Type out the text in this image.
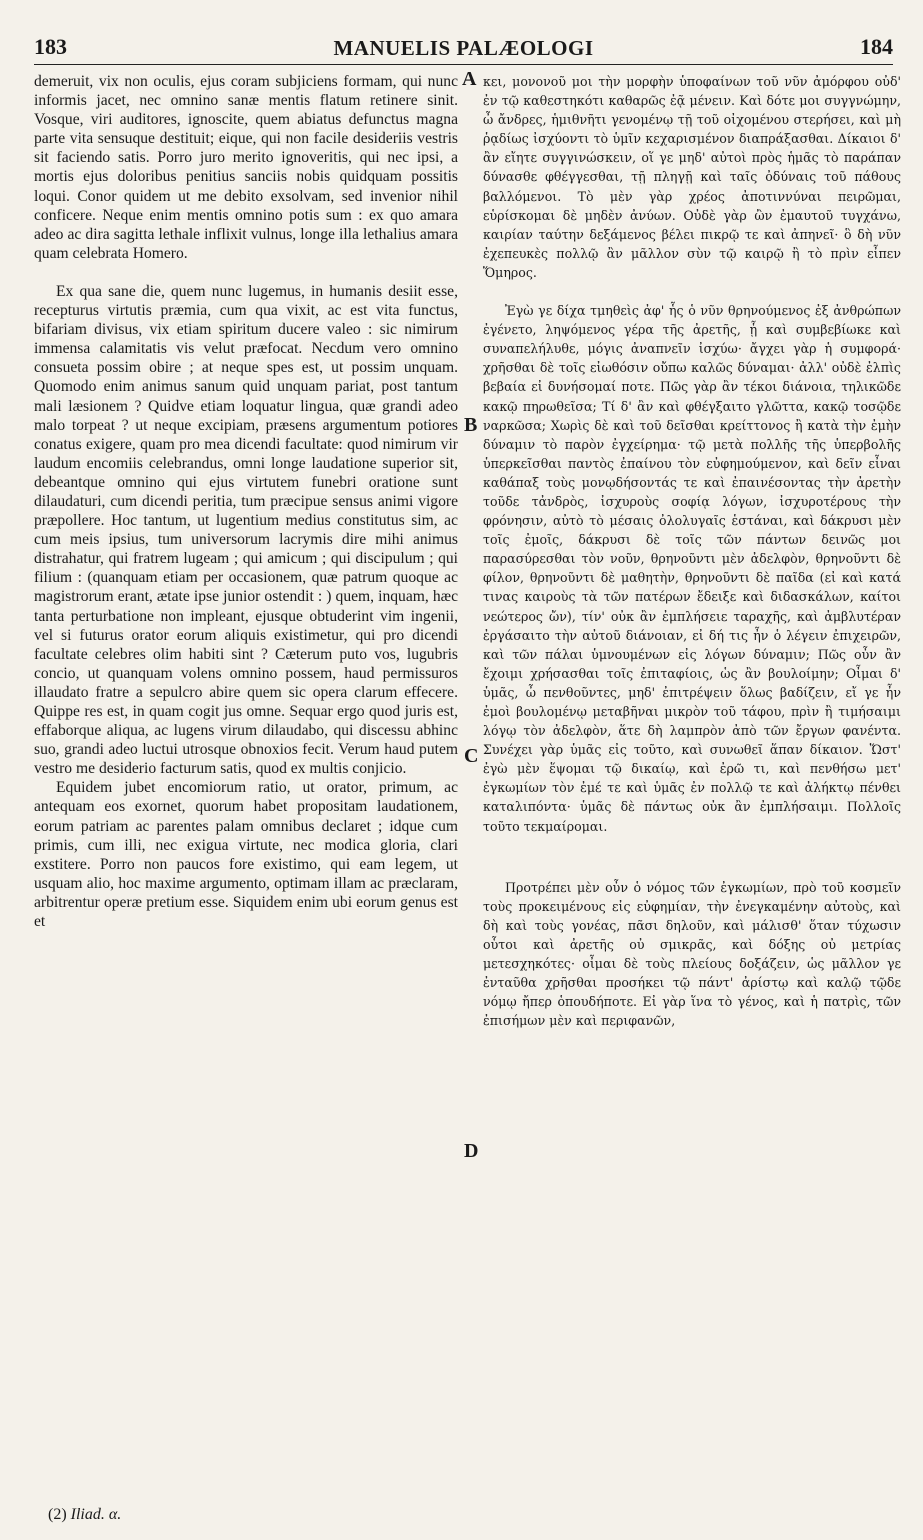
183	MANUELIS PALÆOLOGI	184

demeruit, vix non oculis, ejus coram subjiciens formam, qui nunc informis jacet, nec omnino sanæ mentis flatum retinere sinit. Vosque, viri auditores, ignoscite, quem abiatus defunctus magna parte vita sensuque destituit; eique, qui non facile desideriis vestris sit faciendo satis. Porro juro merito ignoveritis, qui nec ipsi, a mortis ejus doloribus penitius sanciis nobis quidquam possitis loqui. Conor quidem ut me debito exsolvam, sed invenior nihil conficere. Neque enim mentis omnino potis sum : ex quo amara adeo ac dira sagitta lethale inflixit vulnus, longe illa lethalius amara quam celebrata Homero.

Ex qua sane die, quem nunc lugemus, in humanis desiit esse, recepturus virtutis præmia, cum qua vixit, ac est vita functus, bifariam divisus, vix etiam spiritum ducere valeo : sic nimirum immensa calamitatis vis velut præfocat. Necdum vero omnino consueta possim obire ; at neque spes est, ut possim unquam. Quomodo enim animus sanum quid unquam pariat, post tantum mali læsionem ? Quidve etiam loquatur lingua, quæ grandi adeo malo torpeat ? ut neque excipiam, præsens argumentum potiores conatus exigere, quam pro mea dicendi facultate: quod nimirum vir laudum encomiis celebrandus, omni longe laudatione superior sit, debeantque omnino qui ejus virtutem funebri oratione sunt dilaudaturi, cum dicendi peritia, tum præcipue sensus animi vigore præpollere. Hoc tantum, ut lugentium medius constitutus sim, ac cum meis ipsius, tum universorum lacrymis dire mihi animus distrahatur, qui fratrem lugeam ; qui amicum ; qui discipulum ; qui filium : (quanquam etiam per occasionem, quæ patrum quoque ac magistrorum erant, ætate ipse junior ostendit : ) quem, inquam, hæc tanta perturbatione non impleant, ejusque obtuderint vim ingenii, vel si futurus orator eorum aliquis existimetur, qui pro dicendi facultate celebres olim habiti sint ? Cæterum puto vos, lugubris concio, ut quanquam volens omnino possem, haud permissuros illaudato fratre a sepulcro abire quem sic opera clarum effecere. Quippe res est, in quam cogit jus omne. Sequar ergo quod juris est, effaborque aliqua, ac lugens virum dilaudabo, qui discessu abhinc suo, grandi adeo luctui utrosque obnoxios fecit. Verum haud putem vestro me desiderio facturum satis, quod ex multis conjicio.

Equidem jubet encomiorum ratio, ut orator, primum, ac antequam eos exornet, quorum habet propositam laudationem, eorum patriam ac parentes palam omnibus declaret ; idque cum primis, cum illi, nec exigua virtute, nec modica gloria, clari exstitere. Porro non paucos fore existimo, qui eam legem, ut usquam alio, hoc maxime argumento, optimam illam ac præclaram, arbitrentur operæ pretium esse. Siquidem enim ubi eorum genus est et

κει, μονονοῦ μοι τὴν μορφὴν ὑποφαίνων τοῦ νῦν ἀμόρφου οὐδ' ἐν τῷ καθεστηκότι καθαρῶς ἐᾷ μένειν. Καὶ δότε μοι συγγνώμην, ὦ ἄνδρες, ἡμιθνῆτι γενομένῳ τῇ τοῦ οἰχομένου στερήσει, καὶ μὴ ῥᾳδίως ἰσχύοντι τὸ ὑμῖν κεχαρισμένον διαπράξασθαι. Δίκαιοι δ' ἂν εἴητε συγγινώσκειν, οἵ γε μηδ' αὐτοὶ πρὸς ἡμᾶς τὸ παράπαν δύνασθε φθέγγεσθαι, τῇ πληγῇ καὶ ταῖς ὀδύναις τοῦ πάθους βαλλόμενοι. Τὸ μὲν γὰρ χρέος ἀποτιννύναι πειρῶμαι, εὑρίσκομαι δὲ μηδὲν ἀνύων. Οὐδὲ γὰρ ὢν ἐμαυτοῦ τυγχάνω, καιρίαν ταύτην δεξάμενος βέλει πικρῷ τε καὶ ἀπηνεῖ· ὃ δὴ νῦν ἐχεπευκὲς πολλῷ ἂν μᾶλλον σὺν τῷ καιρῷ ἢ τὸ πρὶν εἶπεν Ὅμηρος.

Ἐγὼ γε δίχα τμηθεὶς ἀφ' ἧς ὁ νῦν θρηνούμενος ἐξ ἀνθρώπων ἐγένετο, ληψόμενος γέρα τῆς ἀρετῆς, ᾗ καὶ συμβεβίωκε καὶ συναπελήλυθε, μόγις ἀναπνεῖν ἰσχύω· ἄγχει γὰρ ἡ συμφορά· χρῆσθαι δὲ τοῖς εἰωθόσιν οὔπω καλῶς δύναμαι· ἀλλ' οὐδὲ ἐλπὶς βεβαία εἰ δυνήσομαί ποτε. Πῶς γὰρ ἂν τέκοι διάνοια, τηλικῶδε κακῷ πηρωθεῖσα; Τί δ' ἂν καὶ φθέγξαιτο γλῶττα, κακῷ τοσῷδε ναρκῶσα; Χωρὶς δὲ καὶ τοῦ δεῖσθαι κρείττονος ἢ κατὰ τὴν ἐμὴν δύναμιν τὸ παρὸν ἐγχείρημα· τῷ μετὰ πολλῆς τῆς ὑπερβολῆς ὑπερκεῖσθαι παντὸς ἐπαίνου τὸν εὐφημούμενον, καὶ δεῖν εἶναι καθάπαξ τοὺς μονῳδήσοντάς τε καὶ ἐπαινέσοντας τὴν ἀρετὴν τοῦδε τἀνδρὸς, ἰσχυροὺς σοφίᾳ λόγων, ἰσχυροτέρους τὴν φρόνησιν, αὐτὸ τὸ μέσαις ὀλολυγαῖς ἑστάναι, καὶ δάκρυσι μὲν τοῖς ἐμοῖς, δάκρυσι δὲ τοῖς τῶν πάντων δεινῶς μοι παρασύρεσθαι τὸν νοῦν, θρηνοῦντι μὲν ἀδελφὸν, θρηνοῦντι δὲ φίλον, θρηνοῦντι δὲ μαθητὴν, θρηνοῦντι δὲ παῖδα (εἰ καὶ κατά τινας καιροὺς τὰ τῶν πατέρων ἔδειξε καὶ διδασκάλων, καίτοι νεώτερος ὤν), τίν' οὐκ ἂν ἐμπλήσειε ταραχῆς, καὶ ἀμβλυτέραν ἐργάσαιτο τὴν αὐτοῦ διάνοιαν, εἰ δή τις ἦν ὁ λέγειν ἐπιχειρῶν, καὶ τῶν πάλαι ὑμνουμένων εἰς λόγων δύναμιν; Πῶς οὖν ἂν ἔχοιμι χρήσασθαι τοῖς ἐπιταφίοις, ὡς ἂν βουλοίμην; Οἶμαι δ' ὑμᾶς, ὦ πενθοῦντες, μηδ' ἐπιτρέψειν ὅλως βαδίζειν, εἴ γε ἦν ἐμοὶ βουλομένῳ μεταβῆναι μικρὸν τοῦ τάφου, πρὶν ἢ τιμήσαιμι λόγῳ τὸν ἀδελφὸν, ἅτε δὴ λαμπρὸν ἀπὸ τῶν ἔργων φανέντα. Συνέχει γὰρ ὑμᾶς εἰς τοῦτο, καὶ συνωθεῖ ἅπαν δίκαιον. Ὥστ' ἐγὼ μὲν ἕψομαι τῷ δικαίῳ, καὶ ἐρῶ τι, καὶ πενθήσω μετ' ἐγκωμίων τὸν ἐμέ τε καὶ ὑμᾶς ἐν πολλῷ τε καὶ ἀλήκτῳ πένθει καταλιπόντα· ὑμᾶς δὲ πάντως οὐκ ἂν ἐμπλήσαιμι. Πολλοῖς τοῦτο τεκμαίρομαι.

Προτρέπει μὲν οὖν ὁ νόμος τῶν ἐγκωμίων, πρὸ τοῦ κοσμεῖν τοὺς προκειμένους εἰς εὐφημίαν, τὴν ἐνεγκαμένην αὐτοὺς, καὶ δὴ καὶ τοὺς γονέας, πᾶσι δηλοῦν, καὶ μάλισθ' ὅταν τύχωσιν οὗτοι καὶ ἀρετῆς οὐ σμικρᾶς, καὶ δόξης οὐ μετρίας μετεσχηκότες· οἶμαι δὲ τοὺς πλείους δοξάζειν, ὡς μᾶλλον γε ἐνταῦθα χρῆσθαι προσήκει τῷ πάντ' ἀρίστῳ καὶ καλῷ τῷδε νόμῳ ἤπερ ὁπουδήποτε. Εἰ γὰρ ἵνα τὸ γένος, καὶ ἡ πατρὶς, τῶν ἐπισήμων μὲν καὶ περιφανῶν,

A
B
C
D
(2) Iliad. α.
